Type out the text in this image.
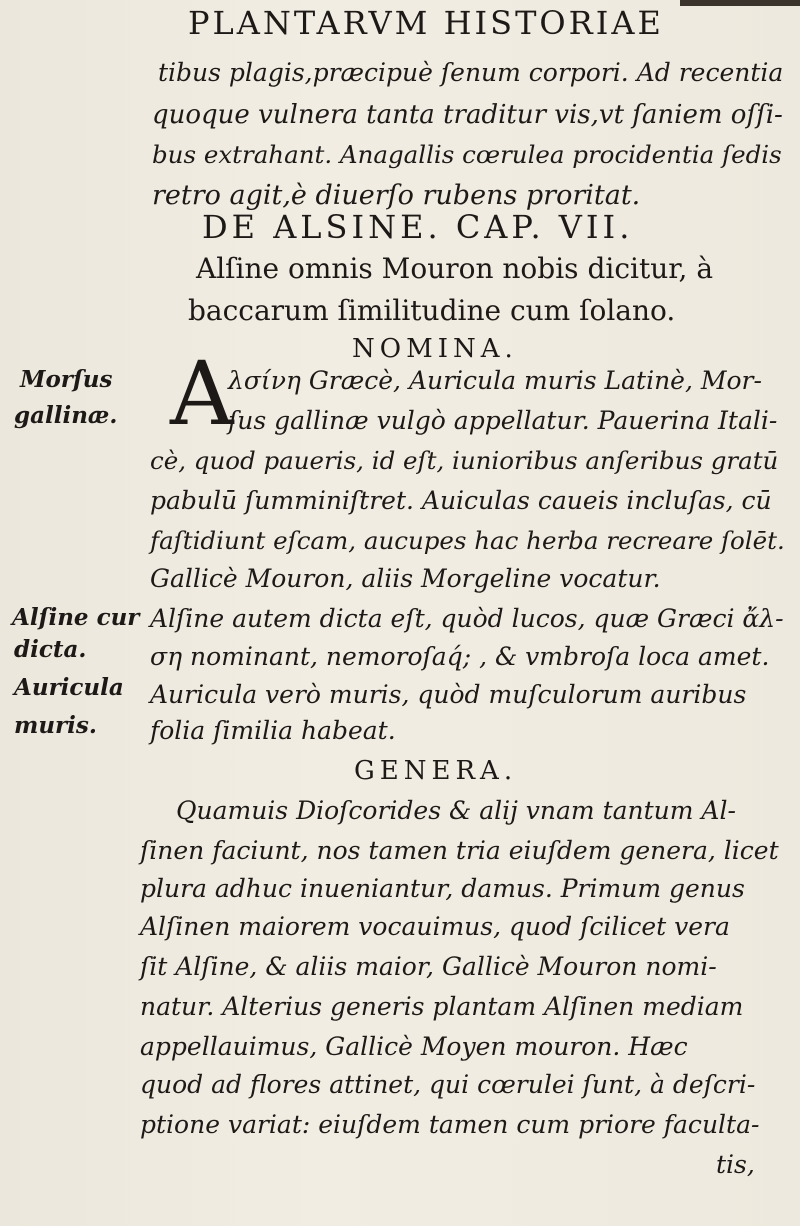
PLANTARVM HISTORIAE

tibus plagis,præcipuè ſenum corpori. Ad recentia

quoque vulnera tanta traditur vis,vt ſaniem oſſi-

bus extrahant. Anagallis cœrulea procidentia ſedis

retro agit,è diuerſo rubens proritat.

DE ALSINE. CAP. VII.

Alſine omnis Mouron nobis dicitur, à

baccarum ſimilitudine cum ſolano.

NOMINA.

Morſus

gallinæ.

Alſine cur

dicta.

Auricula

muris.

A

λσίνη Græcè, Auricula muris Latinè, Mor-

ſus gallinæ vulgò appellatur. Pauerina Itali-

cè, quod paueris, id eſt, iunioribus anſeribus gratū

pabulū ſumminiſtret. Auiculas caueis incluſas, cū

faſtidiunt eſcam, aucupes hac herba recreare ſolēt.

Gallicè Mouron, aliis Morgeline vocatur.

Alſine autem dicta eſt, quòd lucos, quæ Græci ἄλ-

ση nominant, nemoroſaq́; , & vmbroſa loca amet.

Auricula verò muris, quòd muſculorum auribus

folia ſimilia habeat.

GENERA.

Quamuis Dioſcorides & alij vnam tantum Al-

ſinen faciunt, nos tamen tria eiuſdem genera, licet

plura adhuc inueniantur, damus. Primum genus

Alſinen maiorem vocauimus, quod ſcilicet vera

ſit Alſine, & aliis maior, Gallicè Mouron nomi-

natur. Alterius generis plantam Alſinen mediam

appellauimus, Gallicè Moyen mouron. Hæc

quod ad flores attinet, qui cœrulei ſunt, à deſcri-

ptione variat: eiuſdem tamen cum priore faculta-

tis,
